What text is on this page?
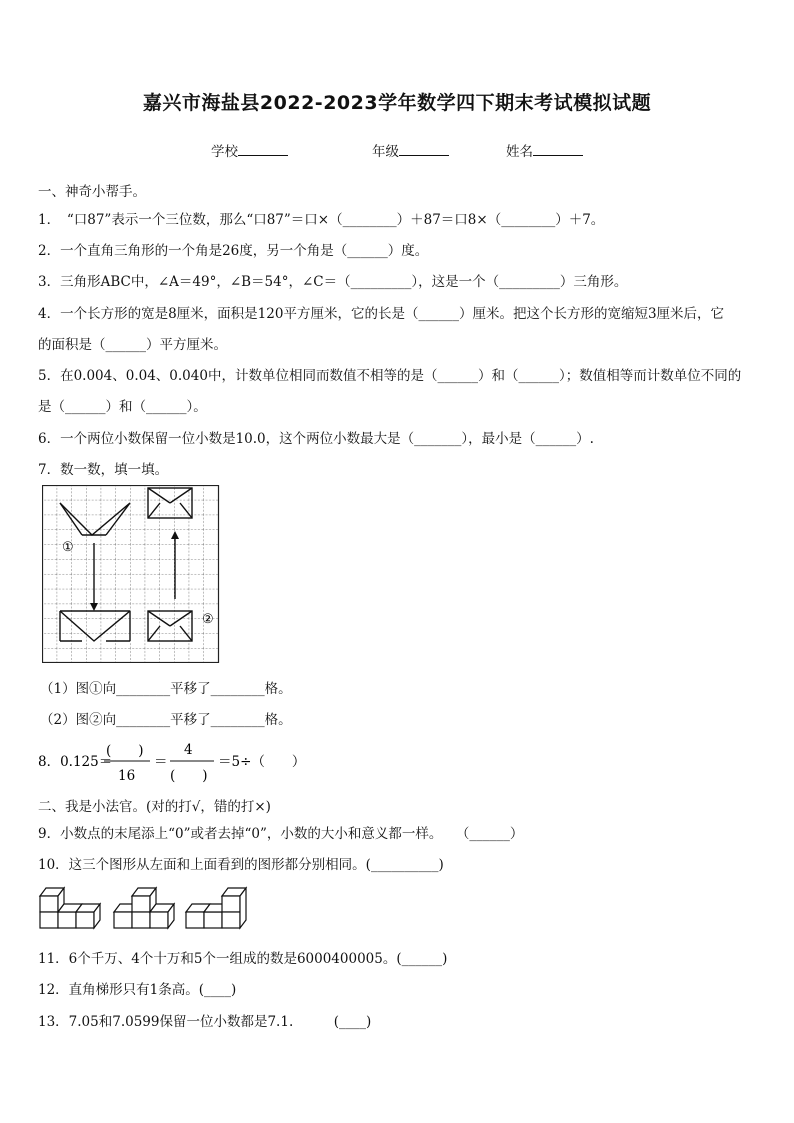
嘉兴市海盐县2022-2023学年数学四下期末考试模拟试题
学校	年级	姓名
一、神奇小帮手。
1．　“口87”表示一个三位数，那么“口87”＝口×（________）＋87＝口8×（________）＋7。
2．一个直角三角形的一个角是26度，另一个角是（______）度。
3．三角形ABC中，∠A＝49°，∠B＝54°，∠C＝（_________），这是一个（_________）三角形。
4．一个长方形的宽是8厘米，面积是120平方厘米，它的长是（______）厘米。把这个长方形的宽缩短3厘米后，它
的面积是（______）平方厘米。
5．在0.004、0.04、0.040中，计数单位相同而数值不相等的是（______）和（______）；数值相等而计数单位不同的
是（______）和（______）。
6．一个两位小数保留一位小数是10.0，这个两位小数最大是（_______），最小是（______）.
7．数一数，填一填。
①
②
（1）图①向________平移了________格。
（2）图②向________平移了________格。
8．0.125＝
(　　)
16
＝
4
(　　)
＝5÷（　　）
二、我是小法官。(对的打√，错的打×)
9．小数点的末尾添上“0”或者去掉“0”，小数的大小和意义都一样。　　（______）
10．这三个图形从左面和上面看到的图形都分别相同。(__________)
11．6个千万、4个十万和5个一组成的数是6000400005。(______)
12．直角梯形只有1条高。(____)
13．7.05和7.0599保留一位小数都是7.1.　　　(____)
